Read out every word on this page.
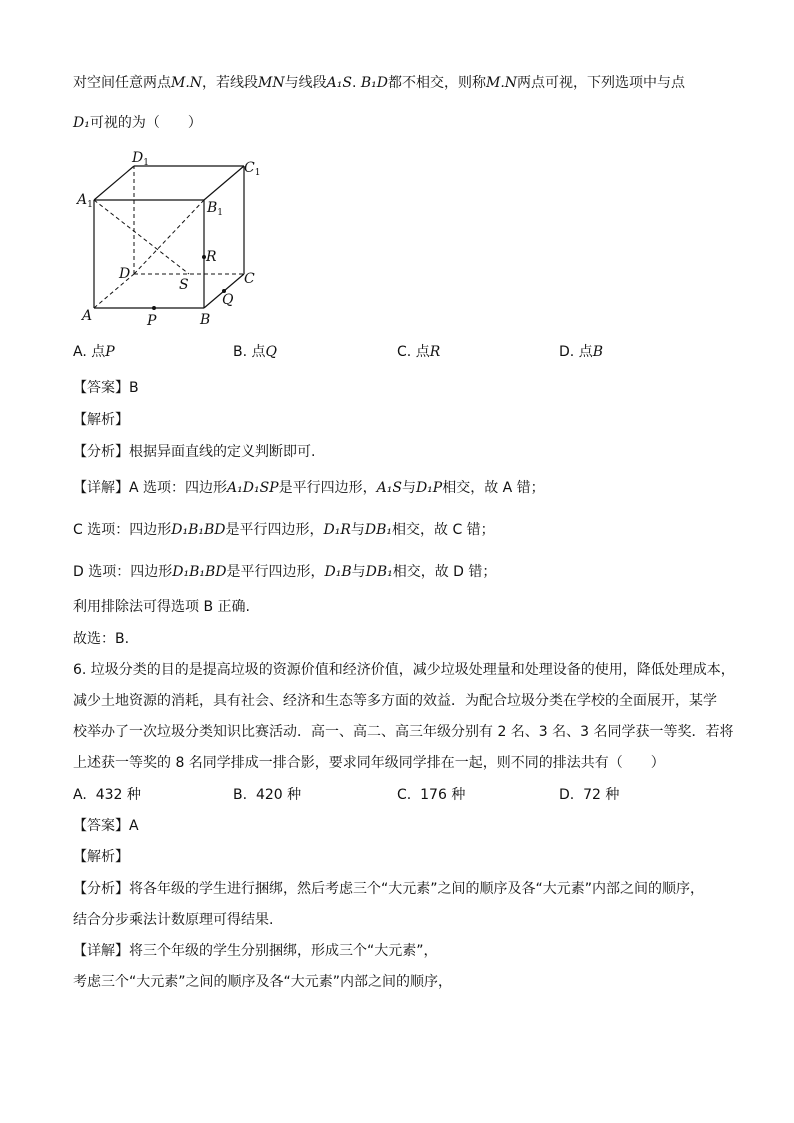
对空间任意两点M.N，若线段MN与线段A₁S. B₁D都不相交，则称M.N两点可视，下列选项中与点
D₁可视的为（　　）
$D_1$	$C_1$
$A_1$	$B_1$
R
D
S	C
Q
A	P	B
A. 点P	B. 点Q	C. 点R	D. 点B
【答案】B
【解析】
【分析】根据异面直线的定义判断即可.
【详解】A 选项：四边形A₁D₁SP是平行四边形，A₁S与D₁P相交，故 A 错；
C 选项：四边形D₁B₁BD是平行四边形，D₁R与DB₁相交，故 C 错；
D 选项：四边形D₁B₁BD是平行四边形，D₁B与DB₁相交，故 D 错；
利用排除法可得选项 B 正确.
故选：B.
6. 垃圾分类的目的是提高垃圾的资源价值和经济价值，减少垃圾处理量和处理设备的使用，降低处理成本，
减少土地资源的消耗，具有社会、经济和生态等多方面的效益．为配合垃圾分类在学校的全面展开，某学
校举办了一次垃圾分类知识比赛活动．高一、高二、高三年级分别有 2 名、3 名、3 名同学获一等奖．若将
上述获一等奖的 8 名同学排成一排合影，要求同年级同学排在一起，则不同的排法共有（　　）
A. 432 种	B. 420 种	C. 176 种	D. 72 种
【答案】A
【解析】
【分析】将各年级的学生进行捆绑，然后考虑三个“大元素”之间的顺序及各“大元素”内部之间的顺序，
结合分步乘法计数原理可得结果.
【详解】将三个年级的学生分别捆绑，形成三个“大元素”，
考虑三个“大元素”之间的顺序及各“大元素”内部之间的顺序，
